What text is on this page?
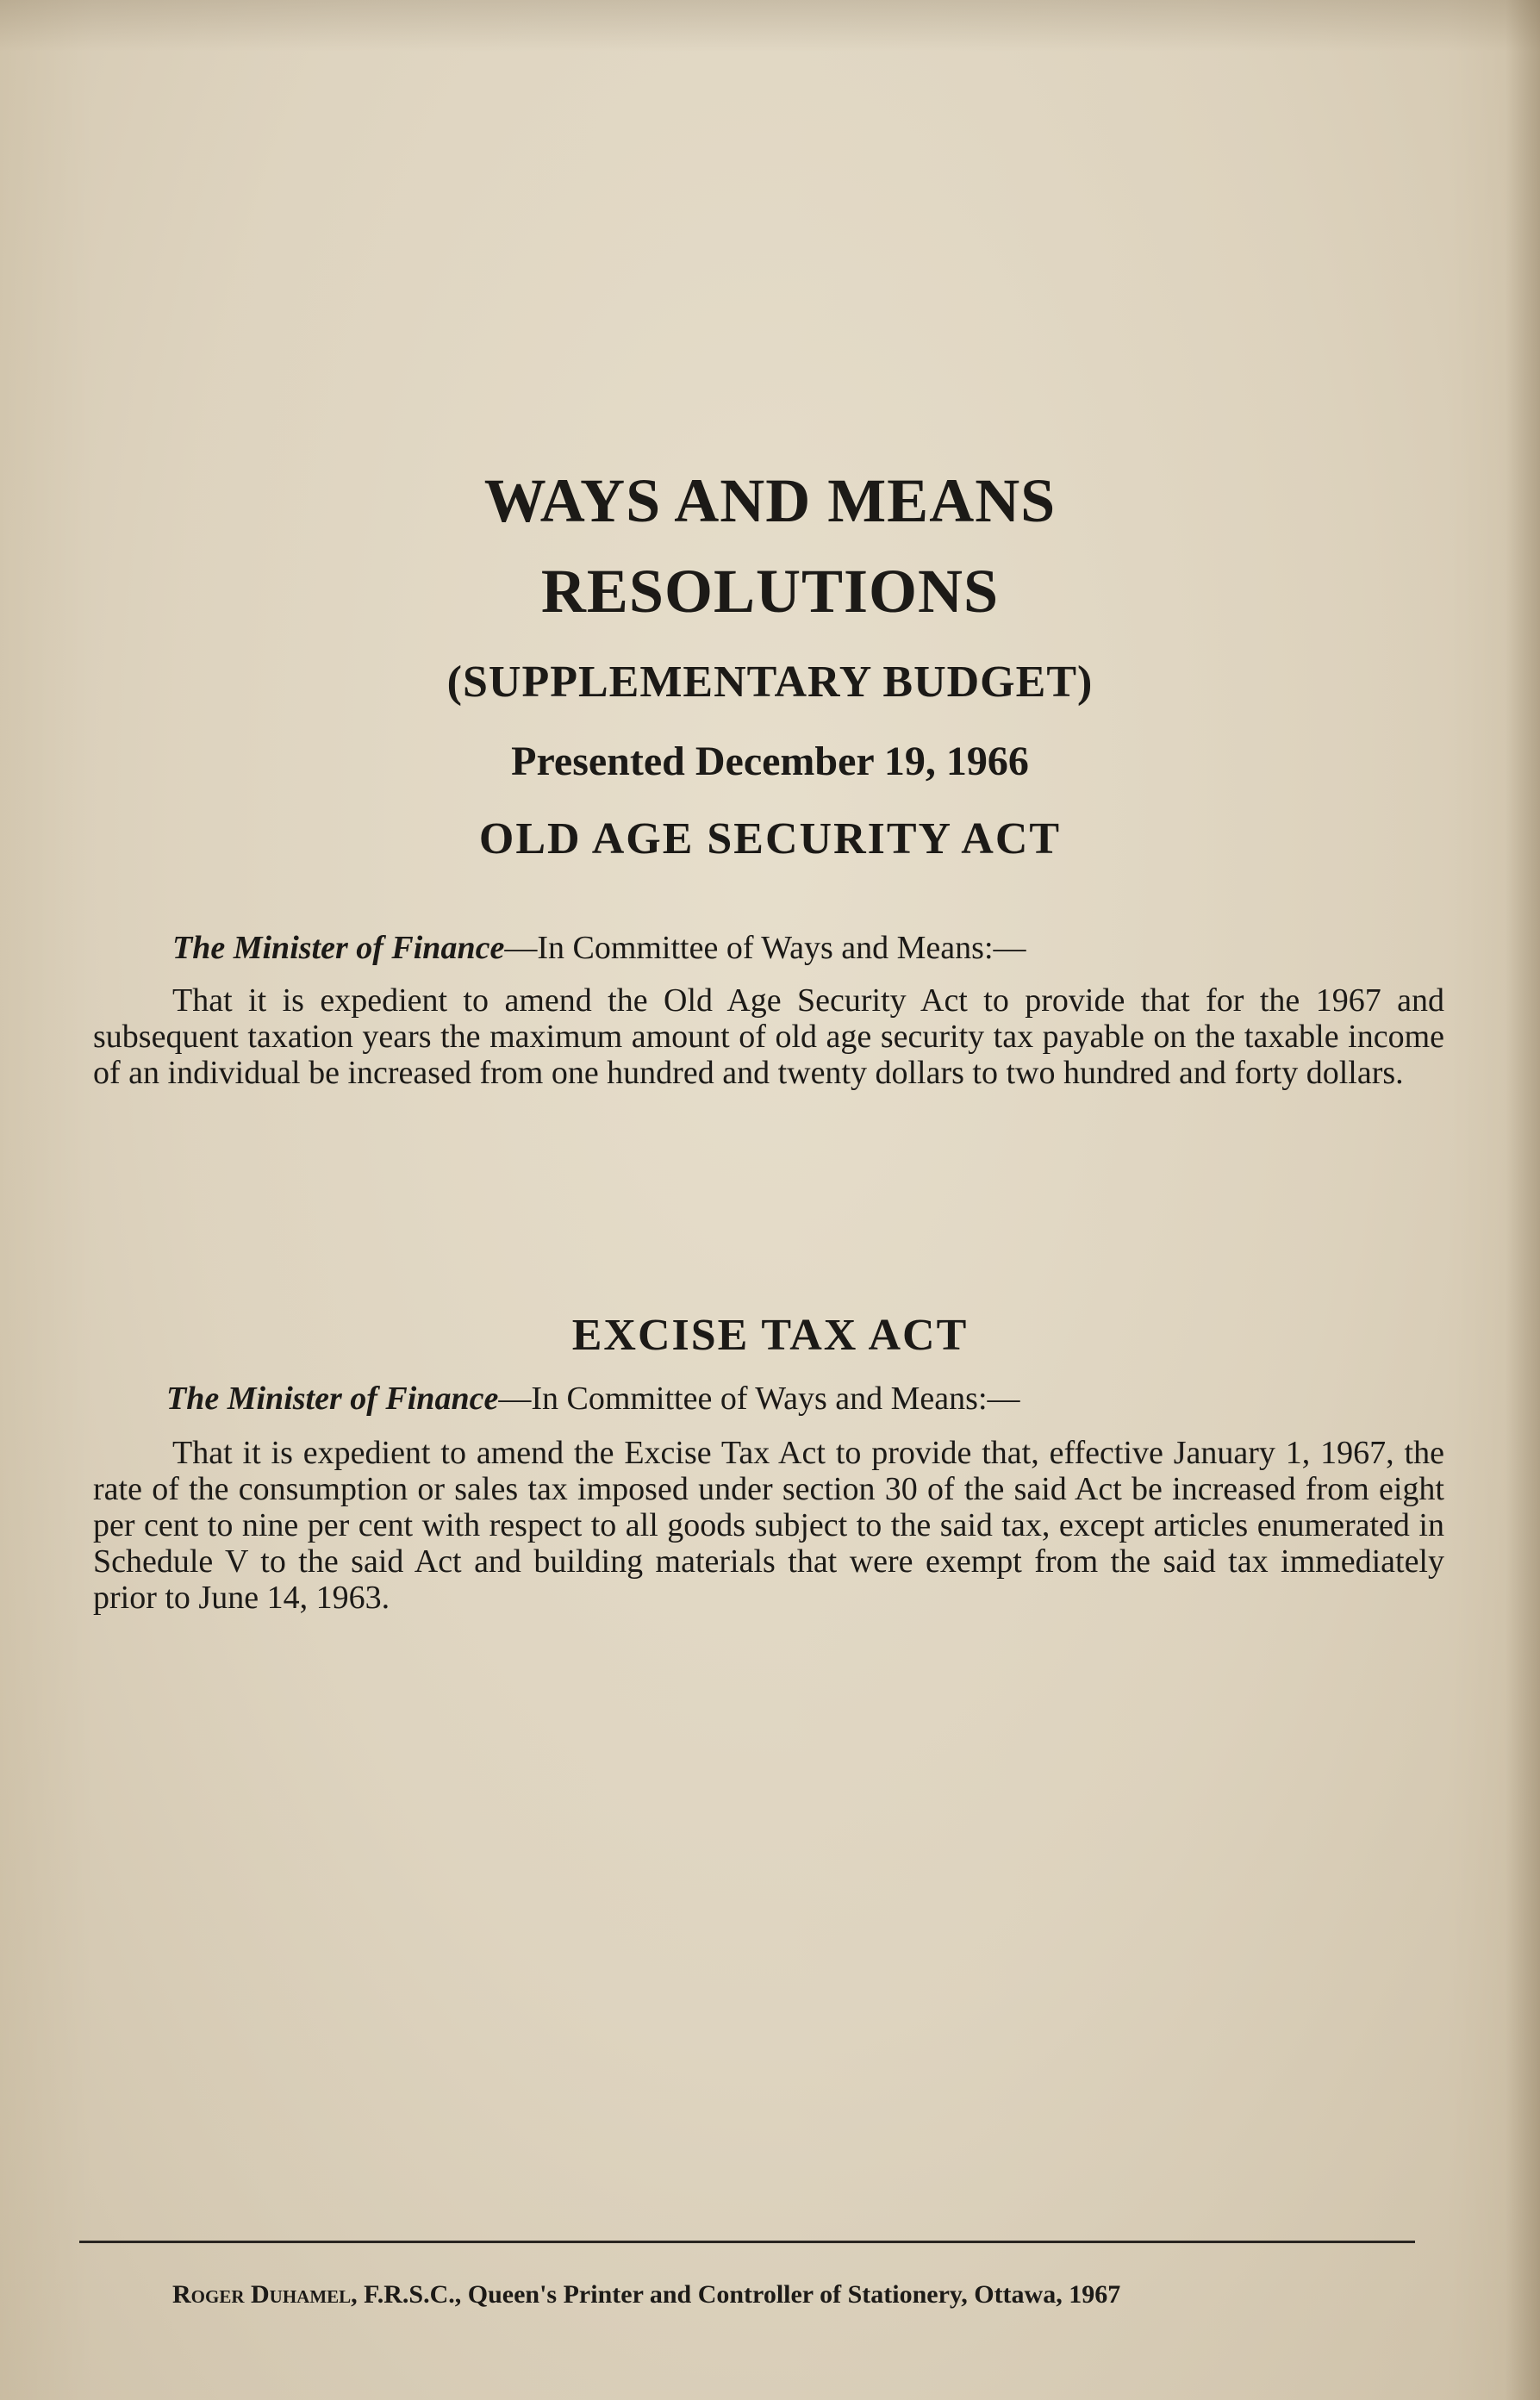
WAYS AND MEANS
RESOLUTIONS
(SUPPLEMENTARY BUDGET)
Presented December 19, 1966
OLD AGE SECURITY ACT
The Minister of Finance—In Committee of Ways and Means:—

That it is expedient to amend the Old Age Security Act to provide that for the 1967 and subsequent taxation years the maximum amount of old age security tax payable on the taxable income of an individual be increased from one hundred and twenty dollars to two hundred and forty dollars.

EXCISE TAX ACT
The Minister of Finance—In Committee of Ways and Means:—

That it is expedient to amend the Excise Tax Act to provide that, effective January 1, 1967, the rate of the consumption or sales tax imposed under section 30 of the said Act be increased from eight per cent to nine per cent with respect to all goods subject to the said tax, except articles enumerated in Schedule V to the said Act and building materials that were exempt from the said tax immediately prior to June 14, 1963.

Roger Duhamel, F.R.S.C., Queen's Printer and Controller of Stationery, Ottawa, 1967
